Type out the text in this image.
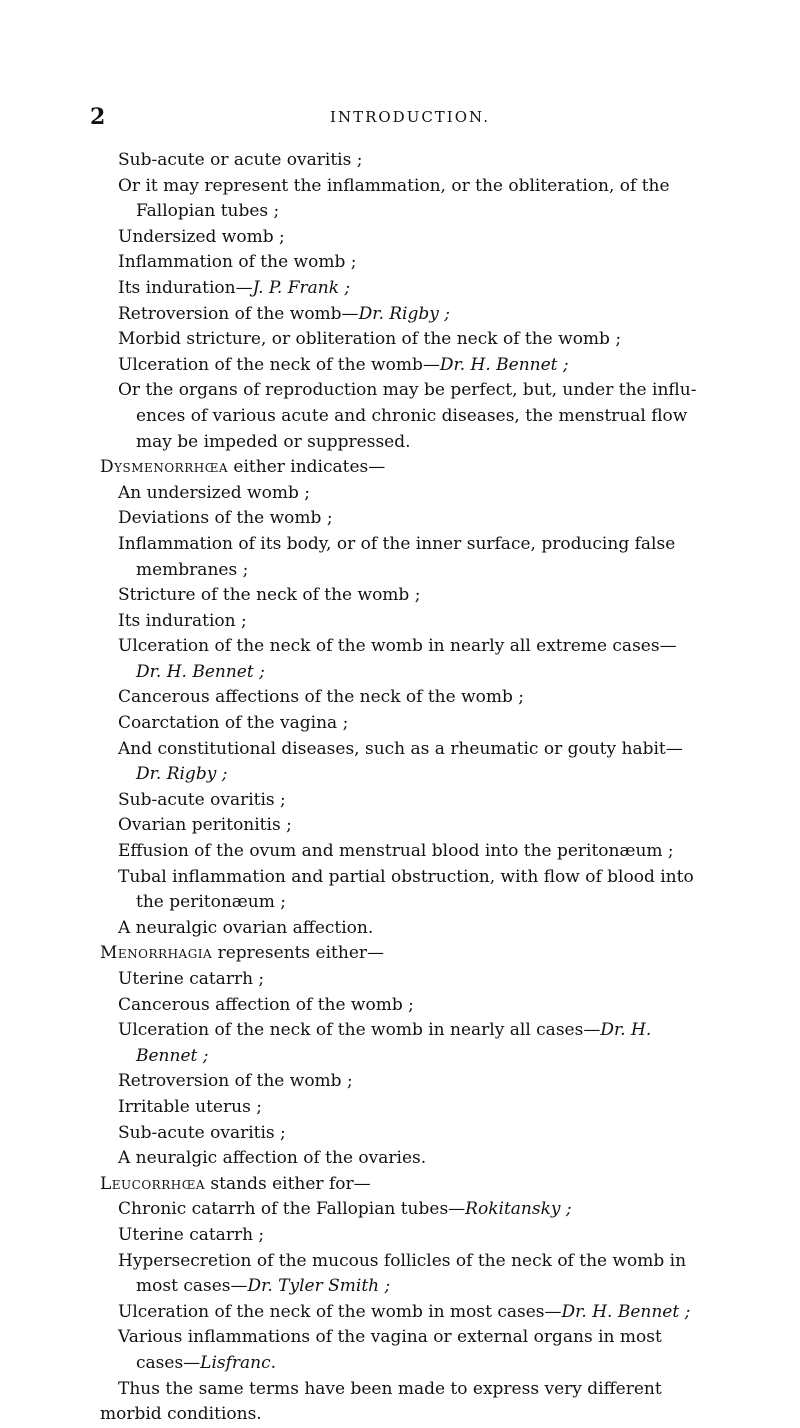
2	INTRODUCTION.
Sub-acute or acute ovaritis ;
Or it may represent the inflammation, or the obliteration, of the
Fallopian tubes ;
Undersized womb ;
Inflammation of the womb ;
Its induration—J. P. Frank ;
Retroversion of the womb—Dr. Rigby ;
Morbid stricture, or obliteration of the neck of the womb ;
Ulceration of the neck of the womb—Dr. H. Bennet ;
Or the organs of reproduction may be perfect, but, under the influ-
ences of various acute and chronic diseases, the menstrual flow
may be impeded or suppressed.
Dysmenorrhœa either indicates—
An undersized womb ;
Deviations of the womb ;
Inflammation of its body, or of the inner surface, producing false
membranes ;
Stricture of the neck of the womb ;
Its induration ;
Ulceration of the neck of the womb in nearly all extreme cases—
Dr. H. Bennet ;
Cancerous affections of the neck of the womb ;
Coarctation of the vagina ;
And constitutional diseases, such as a rheumatic or gouty habit—
Dr. Rigby ;
Sub-acute ovaritis ;
Ovarian peritonitis ;
Effusion of the ovum and menstrual blood into the peritonæum ;
Tubal inflammation and partial obstruction, with flow of blood into
the peritonæum ;
A neuralgic ovarian affection.
Menorrhagia represents either—
Uterine catarrh ;
Cancerous affection of the womb ;
Ulceration of the neck of the womb in nearly all cases—Dr. H.
Bennet ;
Retroversion of the womb ;
Irritable uterus ;
Sub-acute ovaritis ;
A neuralgic affection of the ovaries.
Leucorrhœa stands either for—
Chronic catarrh of the Fallopian tubes—Rokitansky ;
Uterine catarrh ;
Hypersecretion of the mucous follicles of the neck of the womb in
most cases—Dr. Tyler Smith ;
Ulceration of the neck of the womb in most cases—Dr. H. Bennet ;
Various inflammations of the vagina or external organs in most
cases—Lisfranc.
Thus the same terms have been made to express very different
morbid conditions.
